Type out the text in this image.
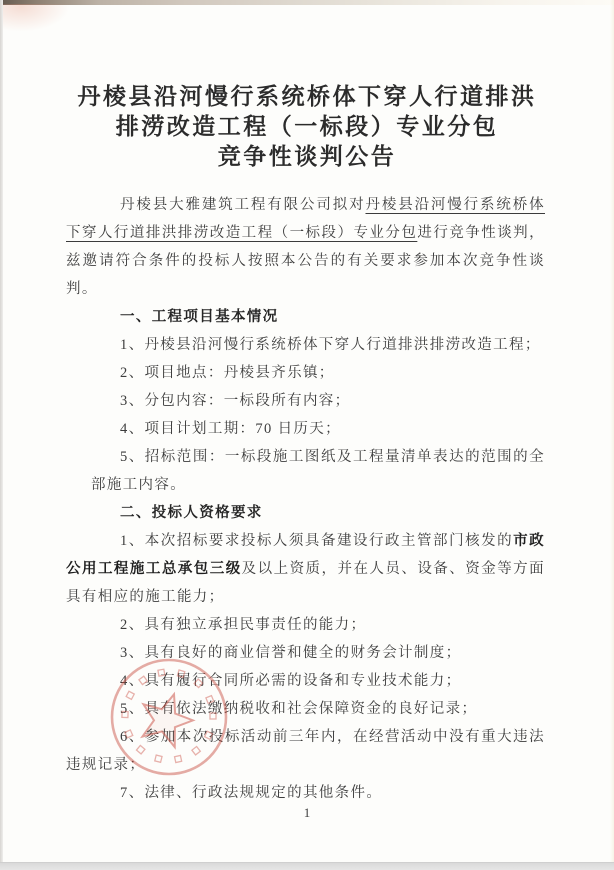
丹棱县沿河慢行系统桥体下穿人行道排洪
排涝改造工程（一标段）专业分包
竞争性谈判公告

丹棱县大雅建筑工程有限公司拟对丹棱县沿河慢行系统桥体下穿人行道排洪排涝改造工程（一标段）专业分包进行竞争性谈判，兹邀请符合条件的投标人按照本公告的有关要求参加本次竞争性谈判。

一、工程项目基本情况

1、丹棱县沿河慢行系统桥体下穿人行道排洪排涝改造工程；

2、项目地点：丹棱县齐乐镇；

3、分包内容：一标段所有内容；

4、项目计划工期：70 日历天；

5、招标范围：一标段施工图纸及工程量清单表达的范围的全部施工内容。

二、投标人资格要求

1、本次招标要求投标人须具备建设行政主管部门核发的市政公用工程施工总承包三级及以上资质，并在人员、设备、资金等方面具有相应的施工能力；

2、具有独立承担民事责任的能力；

3、具有良好的商业信誉和健全的财务会计制度；

4、具有履行合同所必需的设备和专业技术能力；

5、具有依法缴纳税收和社会保障资金的良好记录；

6、参加本次投标活动前三年内，在经营活动中没有重大违法违规记录；

7、法律、行政法规规定的其他条件。

1
